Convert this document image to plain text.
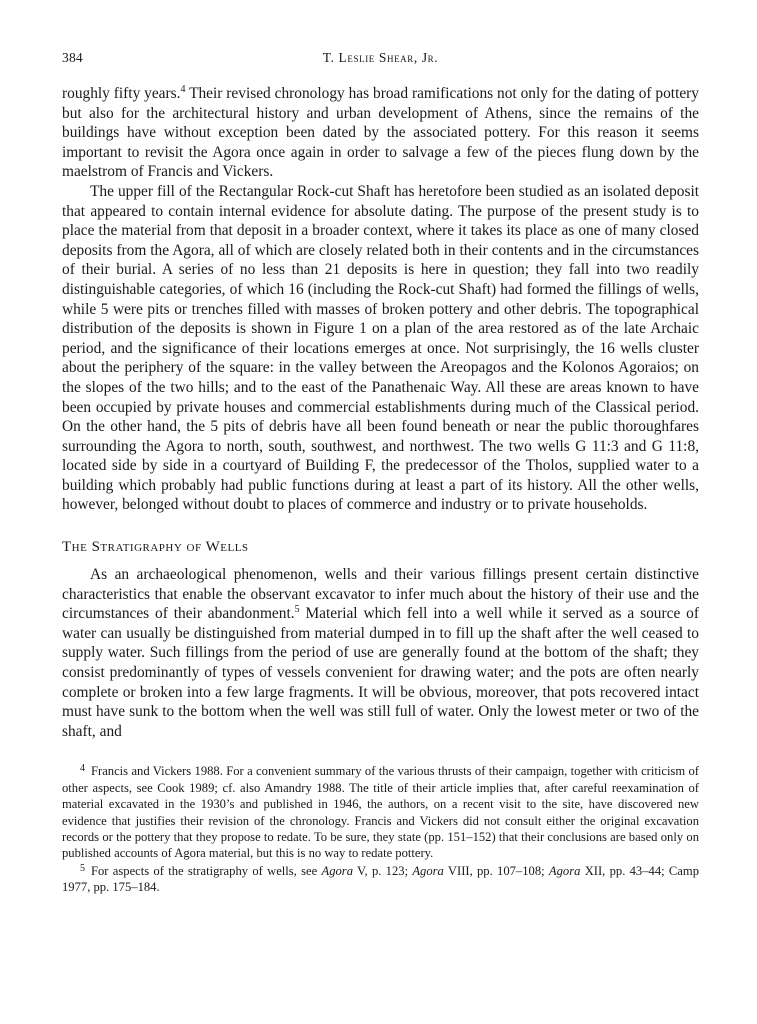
384	T. Leslie Shear, Jr.

roughly fifty years.$^4$ Their revised chronology has broad ramifications not only for the dating of pottery but also for the architectural history and urban development of Athens, since the remains of the buildings have without exception been dated by the associated pottery. For this reason it seems important to revisit the Agora once again in order to salvage a few of the pieces flung down by the maelstrom of Francis and Vickers.

The upper fill of the Rectangular Rock-cut Shaft has heretofore been studied as an isolated deposit that appeared to contain internal evidence for absolute dating. The purpose of the present study is to place the material from that deposit in a broader context, where it takes its place as one of many closed deposits from the Agora, all of which are closely related both in their contents and in the circumstances of their burial. A series of no less than 21 deposits is here in question; they fall into two readily distinguishable categories, of which 16 (including the Rock-cut Shaft) had formed the fillings of wells, while 5 were pits or trenches filled with masses of broken pottery and other debris. The topographical distribution of the deposits is shown in Figure 1 on a plan of the area restored as of the late Archaic period, and the significance of their locations emerges at once. Not surprisingly, the 16 wells cluster about the periphery of the square: in the valley between the Areopagos and the Kolonos Agoraios; on the slopes of the two hills; and to the east of the Panathenaic Way. All these are areas known to have been occupied by private houses and commercial establishments during much of the Classical period. On the other hand, the 5 pits of debris have all been found beneath or near the public thoroughfares surrounding the Agora to north, south, southwest, and northwest. The two wells G 11:3 and G 11:8, located side by side in a courtyard of Building F, the predecessor of the Tholos, supplied water to a building which probably had public functions during at least a part of its history. All the other wells, however, belonged without doubt to places of commerce and industry or to private households.

The Stratigraphy of Wells

As an archaeological phenomenon, wells and their various fillings present certain distinctive characteristics that enable the observant excavator to infer much about the history of their use and the circumstances of their abandonment.$^5$ Material which fell into a well while it served as a source of water can usually be distinguished from material dumped in to fill up the shaft after the well ceased to supply water. Such fillings from the period of use are generally found at the bottom of the shaft; they consist predominantly of types of vessels convenient for drawing water; and the pots are often nearly complete or broken into a few large fragments. It will be obvious, moreover, that pots recovered intact must have sunk to the bottom when the well was still full of water. Only the lowest meter or two of the shaft, and

$^4$ Francis and Vickers 1988. For a convenient summary of the various thrusts of their campaign, together with criticism of other aspects, see Cook 1989; cf. also Amandry 1988. The title of their article implies that, after careful reexamination of material excavated in the 1930’s and published in 1946, the authors, on a recent visit to the site, have discovered new evidence that justifies their revision of the chronology. Francis and Vickers did not consult either the original excavation records or the pottery that they propose to redate. To be sure, they state (pp. 151–152) that their conclusions are based only on published accounts of Agora material, but this is no way to redate pottery.

$^5$ For aspects of the stratigraphy of wells, see Agora V, p. 123; Agora VIII, pp. 107–108; Agora XII, pp. 43–44; Camp 1977, pp. 175–184.
